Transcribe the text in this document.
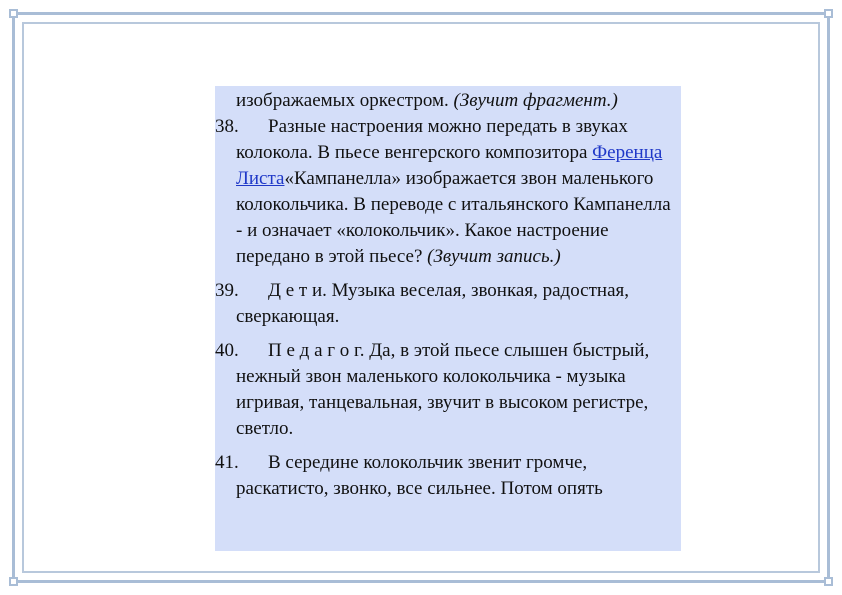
изображаемых оркестром. (Звучит фрагмент.)

38.	Разные настроения можно передать в звуках колокола. В пьесе венгерского композитора Ференца Листа«Кампанелла» изображается звон маленького колокольчика. В переводе с итальянского Кампанелла - и означает «колокольчик». Какое настроение передано в этой пьесе? (Звучит запись.)

39.	Д е т и. Музыка веселая, звонкая, радостная, сверкающая.

40.	П е д а г о г. Да, в этой пьесе слышен быстрый, нежный звон маленького колокольчика - музыка игривая, танцевальная, звучит в высоком регистре, светло.

41.	В середине колокольчик звенит громче, раскатисто, звонко, все сильнее. Потом опять
